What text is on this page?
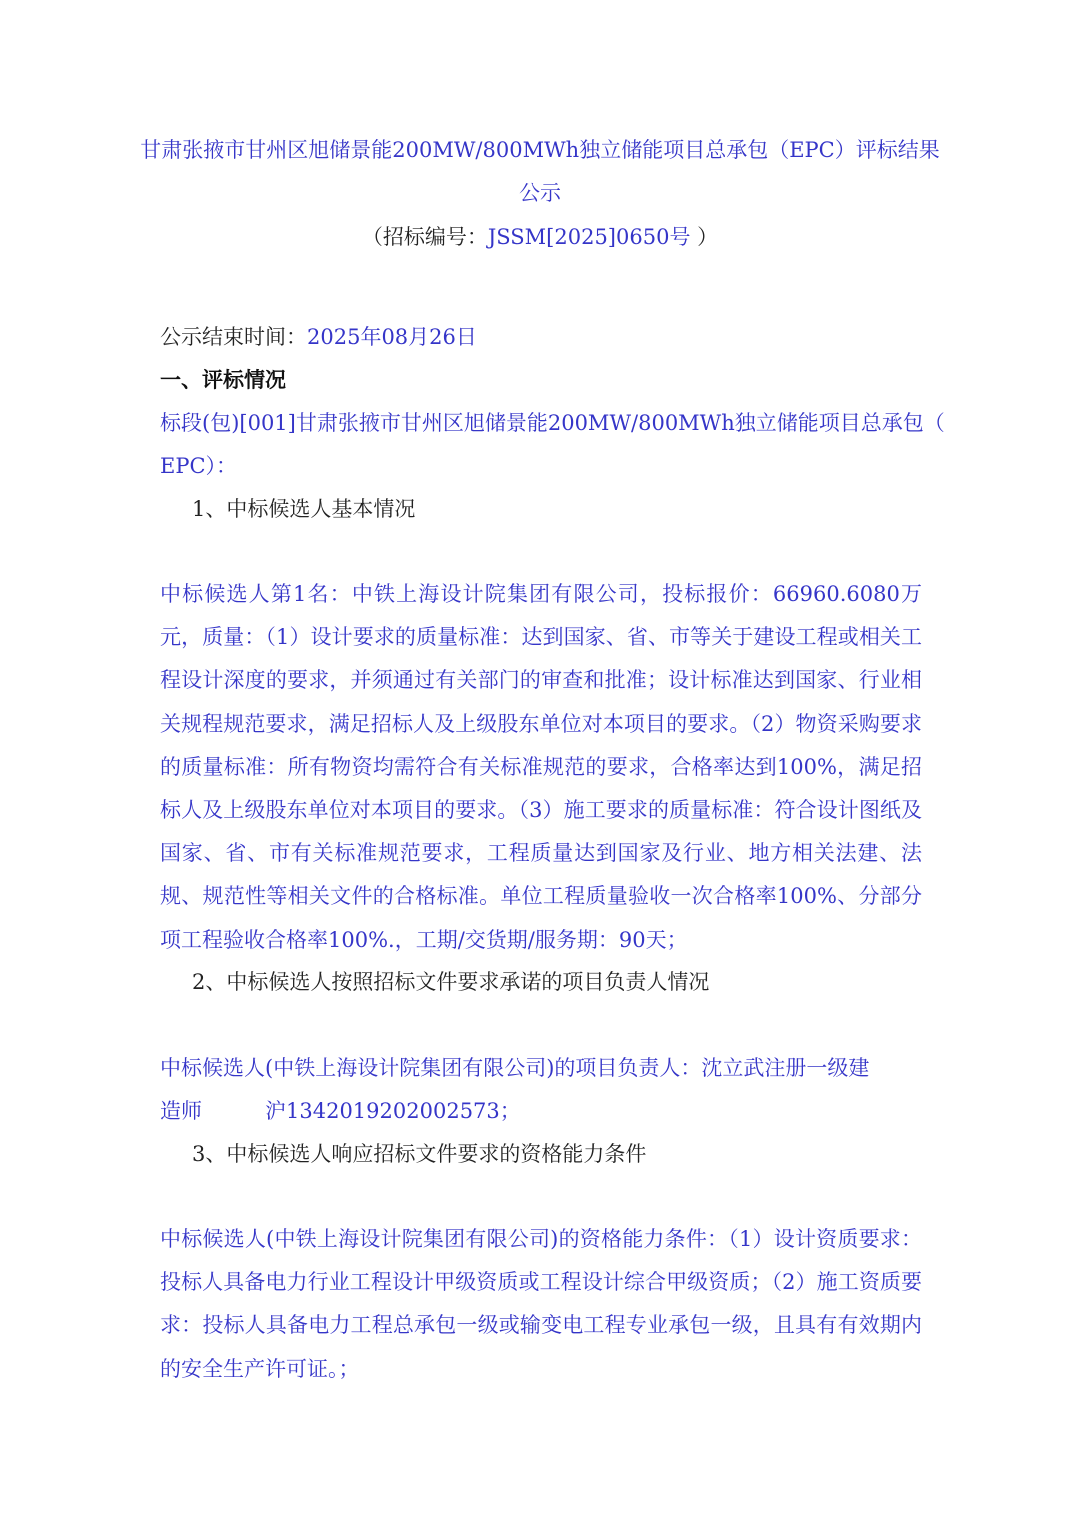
甘肃张掖市甘州区旭储景能200MW/800MWh独立储能项目总承包（EPC）评标结果
公示
（招标编号：JSSM[2025]0650号 ）
公示结束时间：2025年08月26日
一、评标情况
标段(包)[001]甘肃张掖市甘州区旭储景能200MW/800MWh独立储能项目总承包（
EPC）：
1、中标候选人基本情况
中标候选人第1名：中铁上海设计院集团有限公司，投标报价：66960.6080万元，质量：（1）设计要求的质量标准：达到国家、省、市等关于建设工程或相关工程设计深度的要求，并须通过有关部门的审查和批准；设计标准达到国家、行业相关规程规范要求，满足招标人及上级股东单位对本项目的要求。（2）物资采购要求的质量标准：所有物资均需符合有关标准规范的要求，合格率达到100%，满足招标人及上级股东单位对本项目的要求。（3）施工要求的质量标准：符合设计图纸及国家、省、市有关标准规范要求，工程质量达到国家及行业、地方相关法建、法规、规范性等相关文件的合格标准。单位工程质量验收一次合格率100%、分部分项工程验收合格率100%.，工期/交货期/服务期：90天；
2、中标候选人按照招标文件要求承诺的项目负责人情况
中标候选人(中铁上海设计院集团有限公司)的项目负责人：沈立武注册一级建
造师　　　沪1342019202002573；
3、中标候选人响应招标文件要求的资格能力条件
中标候选人(中铁上海设计院集团有限公司)的资格能力条件：（1）设计资质要求：投标人具备电力行业工程设计甲级资质或工程设计综合甲级资质；（2）施工资质要求：投标人具备电力工程总承包一级或输变电工程专业承包一级，且具有有效期内的安全生产许可证。；
